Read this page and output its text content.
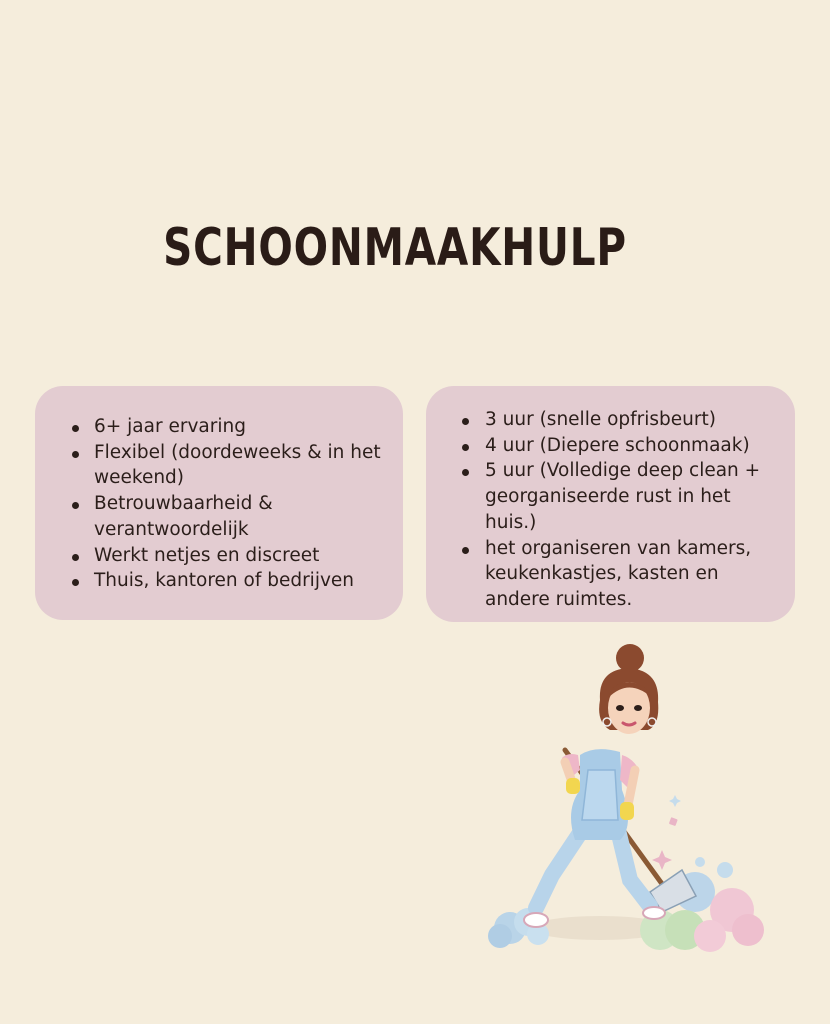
SCHOONMAAKHULP
6+ jaar ervaring
Flexibel (doordeweeks & in het weekend)
Betrouwbaarheid & verantwoordelijk
Werkt netjes en discreet
Thuis, kantoren of bedrijven
3 uur (snelle opfrisbeurt)
4 uur (Diepere schoonmaak)
5 uur (Volledige deep clean + georganiseerde rust in het huis.)
het organiseren van kamers, keukenkastjes, kasten en andere ruimtes.
